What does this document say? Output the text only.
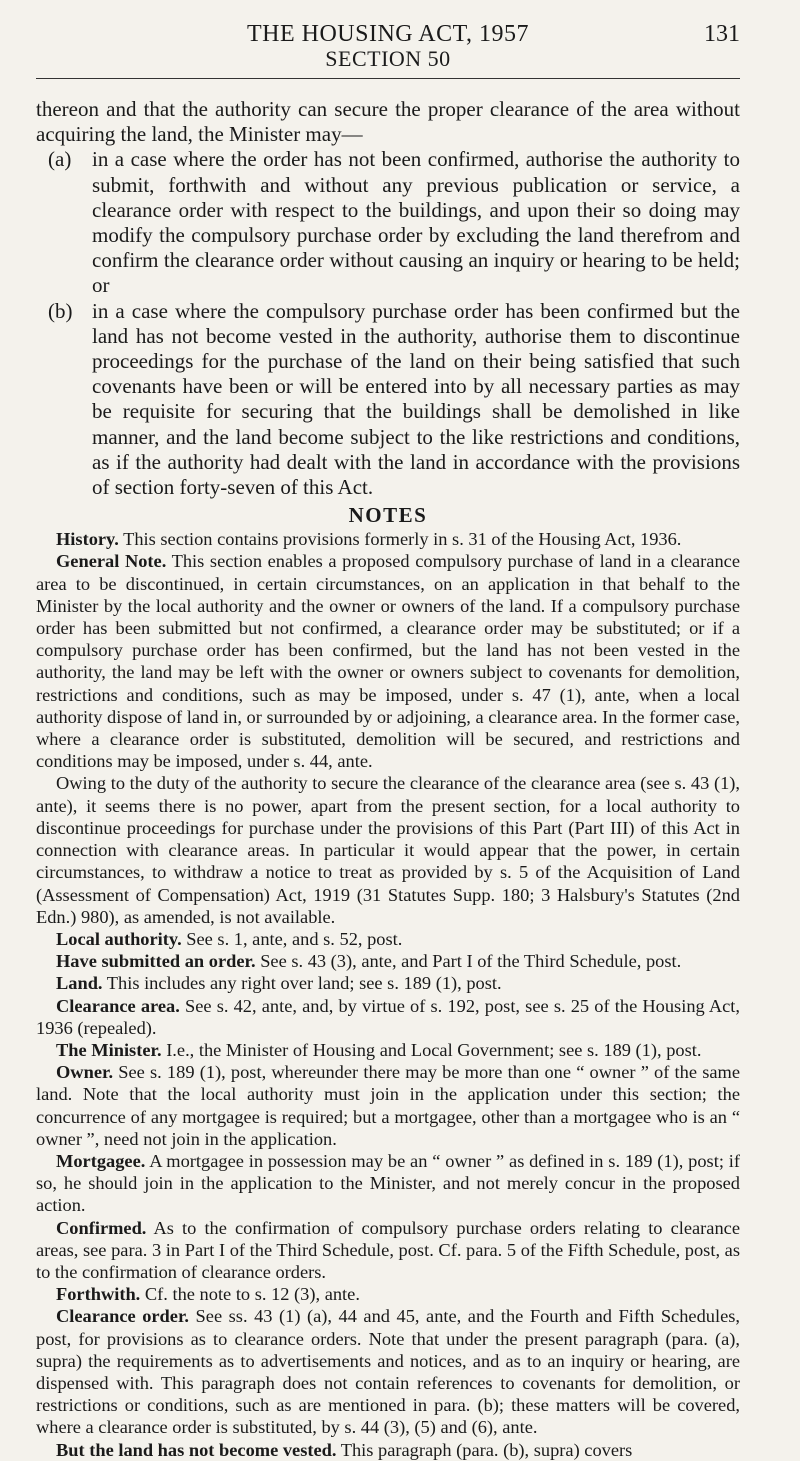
THE HOUSING ACT, 1957	131
SECTION 50

thereon and that the authority can secure the proper clearance of the area without acquiring the land, the Minister may—

(a) in a case where the order has not been confirmed, authorise the authority to submit, forthwith and without any previous publication or service, a clearance order with respect to the buildings, and upon their so doing may modify the compulsory purchase order by excluding the land therefrom and confirm the clearance order without causing an inquiry or hearing to be held; or

(b) in a case where the compulsory purchase order has been confirmed but the land has not become vested in the authority, authorise them to discontinue proceedings for the purchase of the land on their being satisfied that such covenants have been or will be entered into by all necessary parties as may be requisite for securing that the buildings shall be demolished in like manner, and the land become subject to the like restrictions and conditions, as if the authority had dealt with the land in accordance with the provisions of section forty-seven of this Act.

NOTES

History. This section contains provisions formerly in s. 31 of the Housing Act, 1936.

General Note. This section enables a proposed compulsory purchase of land in a clearance area to be discontinued, in certain circumstances, on an application in that behalf to the Minister by the local authority and the owner or owners of the land. If a compulsory purchase order has been submitted but not confirmed, a clearance order may be substituted; or if a compulsory purchase order has been confirmed, but the land has not been vested in the authority, the land may be left with the owner or owners subject to covenants for demolition, restrictions and conditions, such as may be imposed, under s. 47 (1), ante, when a local authority dispose of land in, or surrounded by or adjoining, a clearance area. In the former case, where a clearance order is substituted, demolition will be secured, and restrictions and conditions may be imposed, under s. 44, ante.

Owing to the duty of the authority to secure the clearance of the clearance area (see s. 43 (1), ante), it seems there is no power, apart from the present section, for a local authority to discontinue proceedings for purchase under the provisions of this Part (Part III) of this Act in connection with clearance areas. In particular it would appear that the power, in certain circumstances, to withdraw a notice to treat as provided by s. 5 of the Acquisition of Land (Assessment of Compensation) Act, 1919 (31 Statutes Supp. 180; 3 Halsbury's Statutes (2nd Edn.) 980), as amended, is not available.

Local authority. See s. 1, ante, and s. 52, post.

Have submitted an order. See s. 43 (3), ante, and Part I of the Third Schedule, post.

Land. This includes any right over land; see s. 189 (1), post.

Clearance area. See s. 42, ante, and, by virtue of s. 192, post, see s. 25 of the Housing Act, 1936 (repealed).

The Minister. I.e., the Minister of Housing and Local Government; see s. 189 (1), post.

Owner. See s. 189 (1), post, whereunder there may be more than one “ owner ” of the same land. Note that the local authority must join in the application under this section; the concurrence of any mortgagee is required; but a mortgagee, other than a mortgagee who is an “ owner ”, need not join in the application.

Mortgagee. A mortgagee in possession may be an “ owner ” as defined in s. 189 (1), post; if so, he should join in the application to the Minister, and not merely concur in the proposed action.

Confirmed. As to the confirmation of compulsory purchase orders relating to clearance areas, see para. 3 in Part I of the Third Schedule, post. Cf. para. 5 of the Fifth Schedule, post, as to the confirmation of clearance orders.

Forthwith. Cf. the note to s. 12 (3), ante.

Clearance order. See ss. 43 (1) (a), 44 and 45, ante, and the Fourth and Fifth Schedules, post, for provisions as to clearance orders. Note that under the present paragraph (para. (a), supra) the requirements as to advertisements and notices, and as to an inquiry or hearing, are dispensed with. This paragraph does not contain references to covenants for demolition, or restrictions or conditions, such as are mentioned in para. (b); these matters will be covered, where a clearance order is substituted, by s. 44 (3), (5) and (6), ante.

But the land has not become vested. This paragraph (para. (b), supra) covers
